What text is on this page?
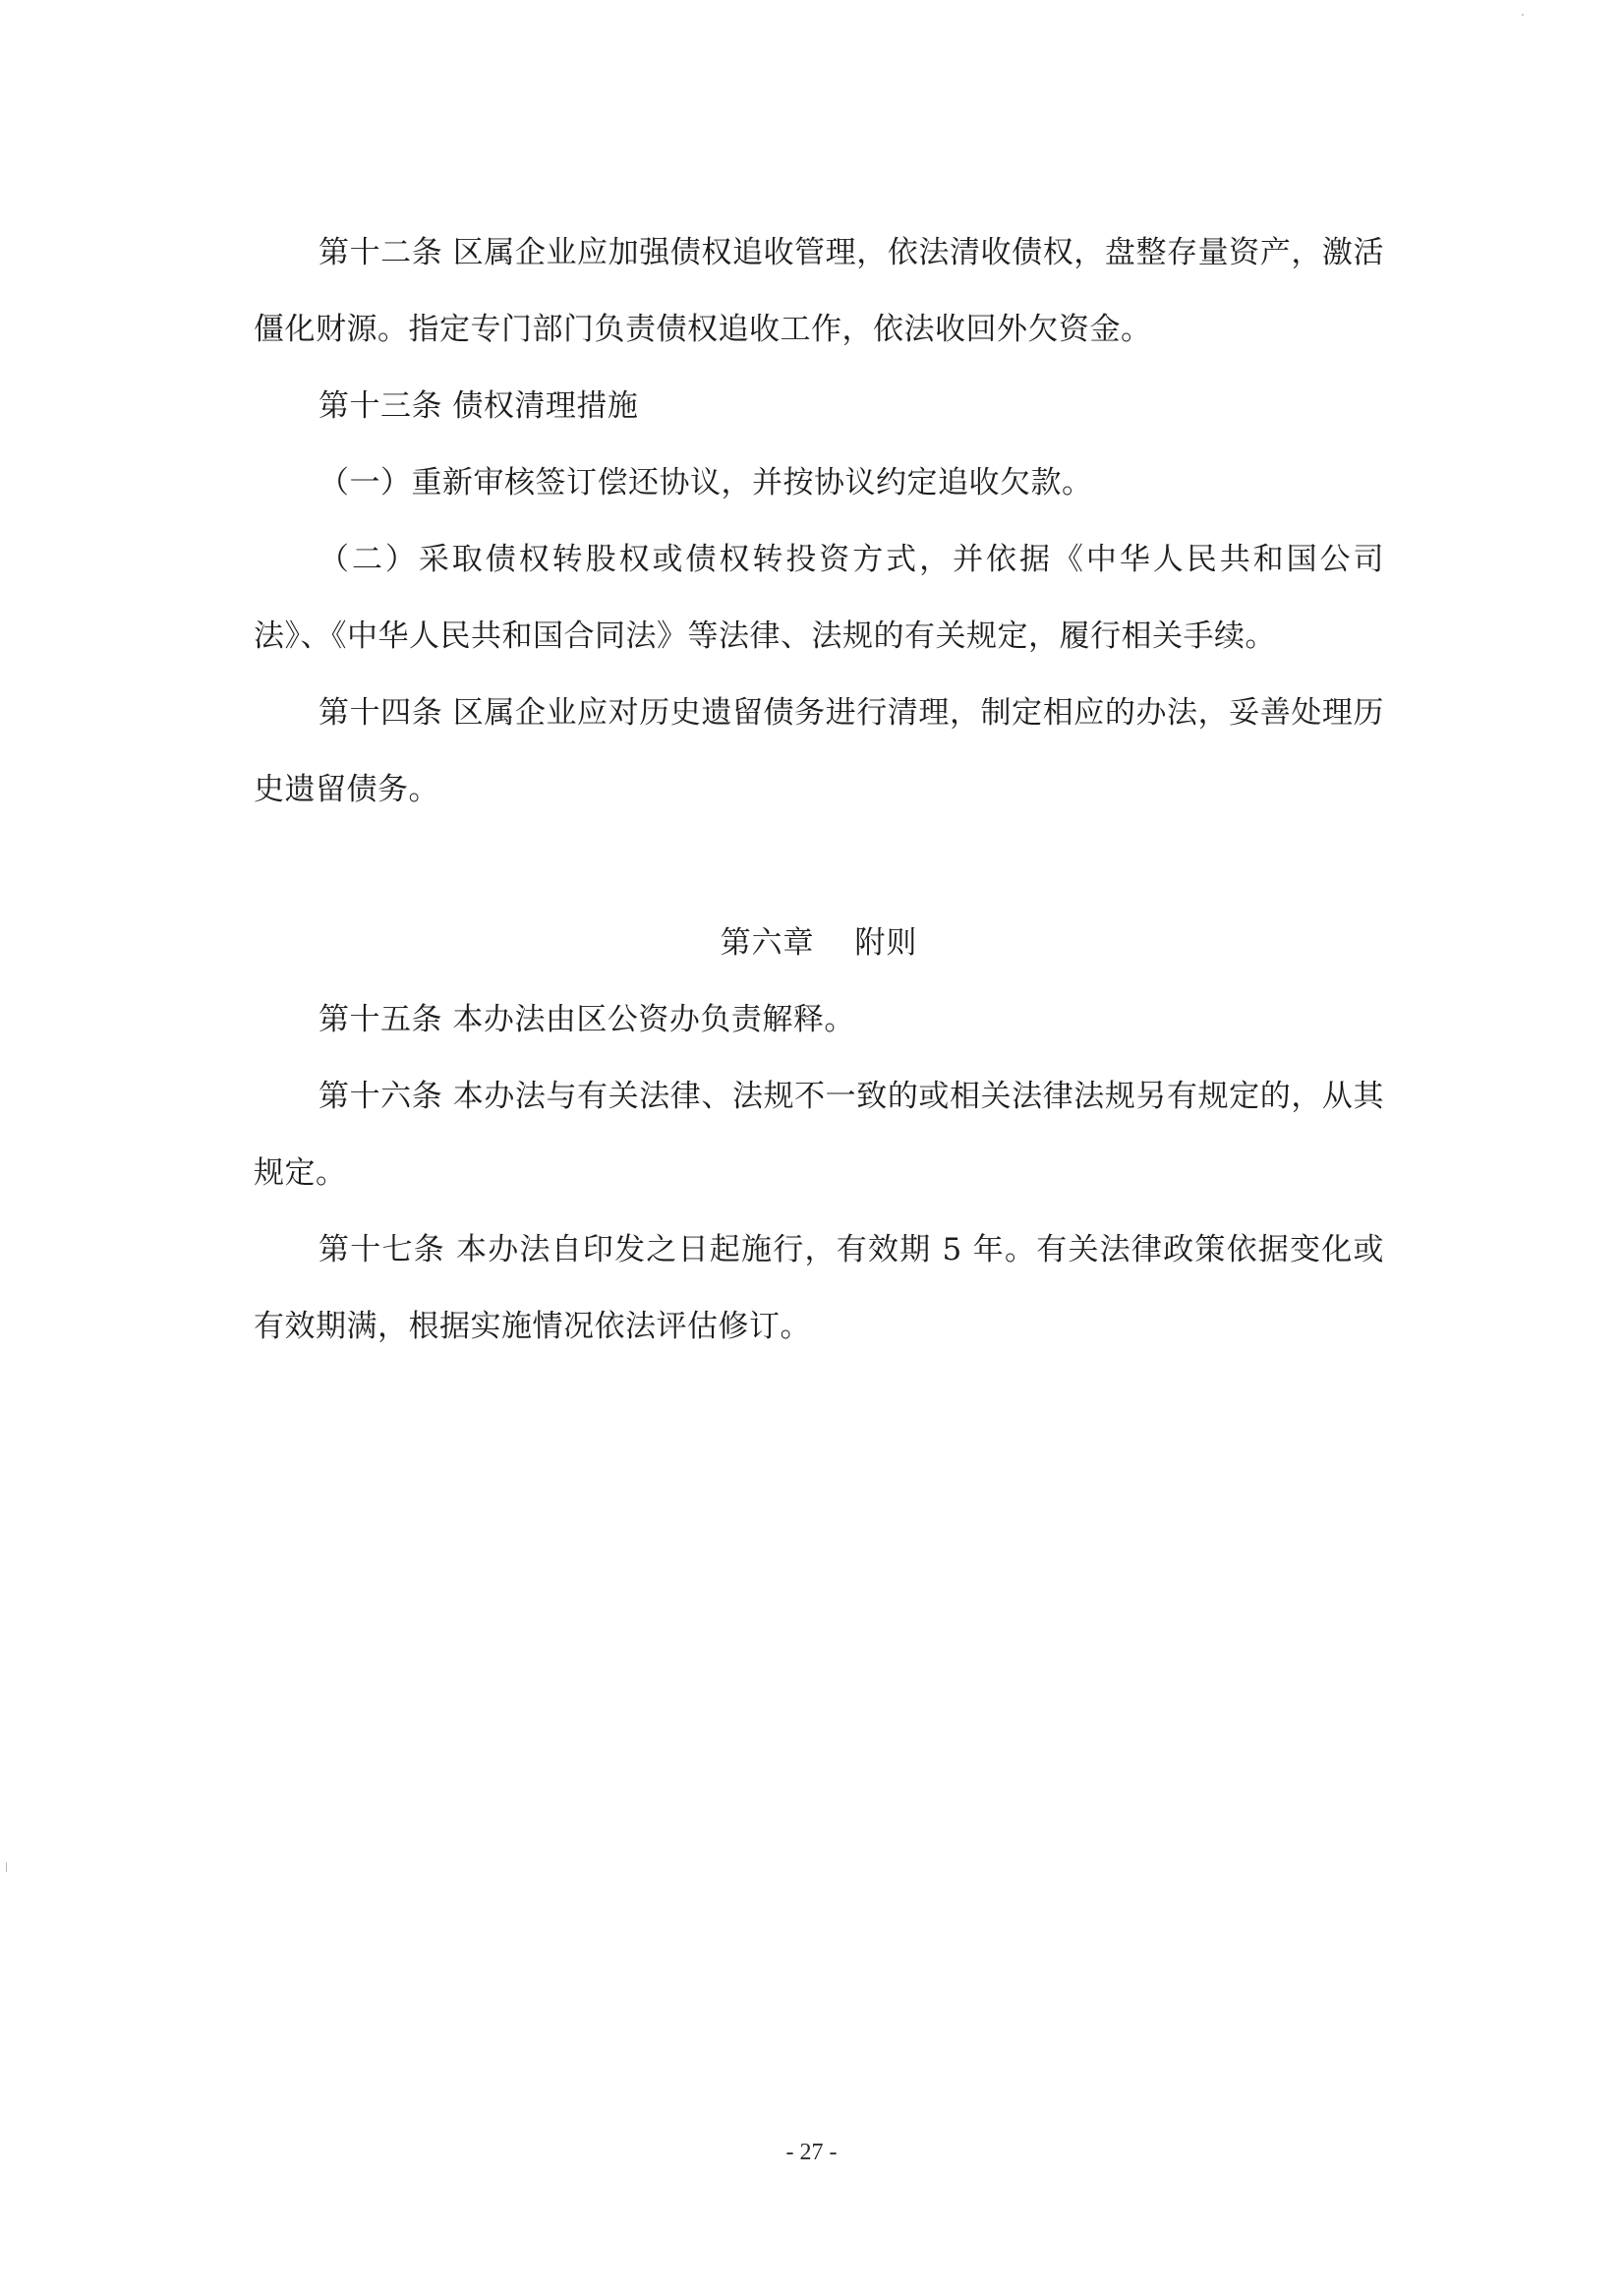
第十二条 区属企业应加强债权追收管理，依法清收债权，盘整存量资产，激活僵化财源。指定专门部门负责债权追收工作，依法收回外欠资金。

第十三条 债权清理措施

（一）重新审核签订偿还协议，并按协议约定追收欠款。

（二）采取债权转股权或债权转投资方式，并依据《中华人民共和国公司法》、《中华人民共和国合同法》等法律、法规的有关规定，履行相关手续。

第十四条 区属企业应对历史遗留债务进行清理，制定相应的办法，妥善处理历史遗留债务。

第六章 附则

第十五条 本办法由区公资办负责解释。

第十六条 本办法与有关法律、法规不一致的或相关法律法规另有规定的，从其规定。

第十七条 本办法自印发之日起施行，有效期 5 年。有关法律政策依据变化或有效期满，根据实施情况依法评估修订。

- 27 -
